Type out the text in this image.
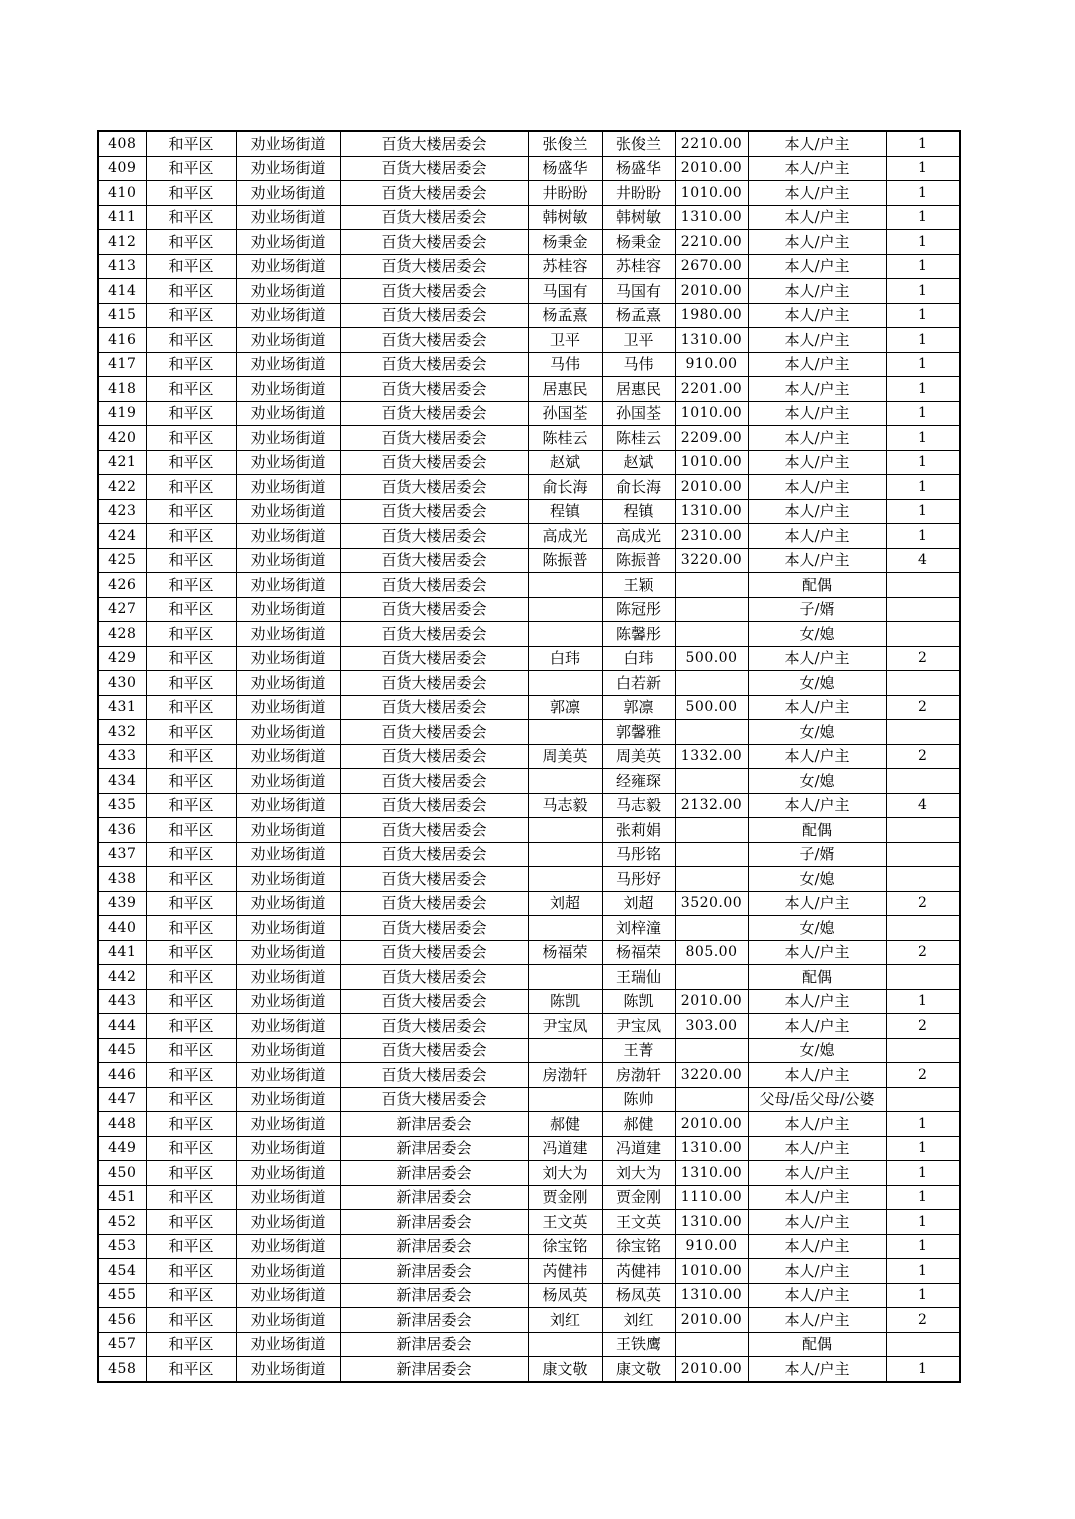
408	和平区	劝业场街道	百货大楼居委会	张俊兰	张俊兰	2210.00	本人/户主	1
409	和平区	劝业场街道	百货大楼居委会	杨盛华	杨盛华	2010.00	本人/户主	1
410	和平区	劝业场街道	百货大楼居委会	井盼盼	井盼盼	1010.00	本人/户主	1
411	和平区	劝业场街道	百货大楼居委会	韩树敏	韩树敏	1310.00	本人/户主	1
412	和平区	劝业场街道	百货大楼居委会	杨秉金	杨秉金	2210.00	本人/户主	1
413	和平区	劝业场街道	百货大楼居委会	苏桂容	苏桂容	2670.00	本人/户主	1
414	和平区	劝业场街道	百货大楼居委会	马国有	马国有	2010.00	本人/户主	1
415	和平区	劝业场街道	百货大楼居委会	杨孟熹	杨孟熹	1980.00	本人/户主	1
416	和平区	劝业场街道	百货大楼居委会	卫平	卫平	1310.00	本人/户主	1
417	和平区	劝业场街道	百货大楼居委会	马伟	马伟	910.00	本人/户主	1
418	和平区	劝业场街道	百货大楼居委会	居惠民	居惠民	2201.00	本人/户主	1
419	和平区	劝业场街道	百货大楼居委会	孙国荃	孙国荃	1010.00	本人/户主	1
420	和平区	劝业场街道	百货大楼居委会	陈桂云	陈桂云	2209.00	本人/户主	1
421	和平区	劝业场街道	百货大楼居委会	赵斌	赵斌	1010.00	本人/户主	1
422	和平区	劝业场街道	百货大楼居委会	俞长海	俞长海	2010.00	本人/户主	1
423	和平区	劝业场街道	百货大楼居委会	程镇	程镇	1310.00	本人/户主	1
424	和平区	劝业场街道	百货大楼居委会	高成光	高成光	2310.00	本人/户主	1
425	和平区	劝业场街道	百货大楼居委会	陈振普	陈振普	3220.00	本人/户主	4
426	和平区	劝业场街道	百货大楼居委会		王颖		配偶	
427	和平区	劝业场街道	百货大楼居委会		陈冠彤		子/婿	
428	和平区	劝业场街道	百货大楼居委会		陈馨彤		女/媳	
429	和平区	劝业场街道	百货大楼居委会	白玮	白玮	500.00	本人/户主	2
430	和平区	劝业场街道	百货大楼居委会		白若新		女/媳	
431	和平区	劝业场街道	百货大楼居委会	郭凛	郭凛	500.00	本人/户主	2
432	和平区	劝业场街道	百货大楼居委会		郭馨雅		女/媳	
433	和平区	劝业场街道	百货大楼居委会	周美英	周美英	1332.00	本人/户主	2
434	和平区	劝业场街道	百货大楼居委会		经雍琛		女/媳	
435	和平区	劝业场街道	百货大楼居委会	马志毅	马志毅	2132.00	本人/户主	4
436	和平区	劝业场街道	百货大楼居委会		张莉娟		配偶	
437	和平区	劝业场街道	百货大楼居委会		马彤铭		子/婿	
438	和平区	劝业场街道	百货大楼居委会		马彤妤		女/媳	
439	和平区	劝业场街道	百货大楼居委会	刘超	刘超	3520.00	本人/户主	2
440	和平区	劝业场街道	百货大楼居委会		刘梓潼		女/媳	
441	和平区	劝业场街道	百货大楼居委会	杨福荣	杨福荣	805.00	本人/户主	2
442	和平区	劝业场街道	百货大楼居委会		王瑞仙		配偶	
443	和平区	劝业场街道	百货大楼居委会	陈凯	陈凯	2010.00	本人/户主	1
444	和平区	劝业场街道	百货大楼居委会	尹宝凤	尹宝凤	303.00	本人/户主	2
445	和平区	劝业场街道	百货大楼居委会		王菁		女/媳	
446	和平区	劝业场街道	百货大楼居委会	房渤轩	房渤轩	3220.00	本人/户主	2
447	和平区	劝业场街道	百货大楼居委会		陈帅		父母/岳父母/公婆	
448	和平区	劝业场街道	新津居委会	郝健	郝健	2010.00	本人/户主	1
449	和平区	劝业场街道	新津居委会	冯道建	冯道建	1310.00	本人/户主	1
450	和平区	劝业场街道	新津居委会	刘大为	刘大为	1310.00	本人/户主	1
451	和平区	劝业场街道	新津居委会	贾金刚	贾金刚	1110.00	本人/户主	1
452	和平区	劝业场街道	新津居委会	王文英	王文英	1310.00	本人/户主	1
453	和平区	劝业场街道	新津居委会	徐宝铭	徐宝铭	910.00	本人/户主	1
454	和平区	劝业场街道	新津居委会	芮健祎	芮健祎	1010.00	本人/户主	1
455	和平区	劝业场街道	新津居委会	杨凤英	杨凤英	1310.00	本人/户主	1
456	和平区	劝业场街道	新津居委会	刘红	刘红	2010.00	本人/户主	2
457	和平区	劝业场街道	新津居委会		王铁鹰		配偶	
458	和平区	劝业场街道	新津居委会	康文敬	康文敬	2010.00	本人/户主	1
